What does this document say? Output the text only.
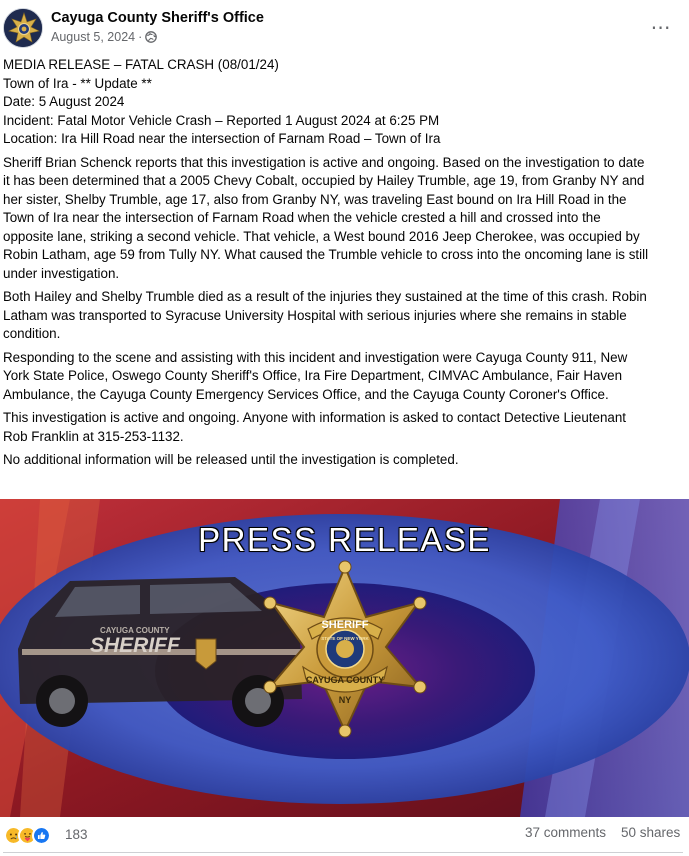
Cayuga County Sheriff's Office
August 5, 2024 ·	⋯
MEDIA RELEASE – FATAL CRASH (08/01/24)
Town of Ira - ** Update **
Date: 5 August 2024
Incident: Fatal Motor Vehicle Crash – Reported 1 August 2024 at 6:25 PM
Location: Ira Hill Road near the intersection of Farnam Road – Town of Ira
Sheriff Brian Schenck reports that this investigation is active and ongoing. Based on the investigation to date
it has been determined that a 2005 Chevy Cobalt, occupied by Hailey Trumble, age 19, from Granby NY and
her sister, Shelby Trumble, age 17, also from Granby NY, was traveling East bound on Ira Hill Road in the
Town of Ira near the intersection of Farnam Road when the vehicle crested a hill and crossed into the
opposite lane, striking a second vehicle. That vehicle, a West bound 2016 Jeep Cherokee, was occupied by
Robin Latham, age 59 from Tully NY. What caused the Trumble vehicle to cross into the oncoming lane is still
under investigation.
Both Hailey and Shelby Trumble died as a result of the injuries they sustained at the time of this crash. Robin
Latham was transported to Syracuse University Hospital with serious injuries where she remains in stable
condition.
Responding to the scene and assisting with this incident and investigation were Cayuga County 911, New
York State Police, Oswego County Sheriff's Office, Ira Fire Department, CIMVAC Ambulance, Fair Haven
Ambulance, the Cayuga County Emergency Services Office, and the Cayuga County Coroner's Office.
This investigation is active and ongoing. Anyone with information is asked to contact Detective Lieutenant
Rob Franklin at 315-253-1132.
No additional information will be released until the investigation is completed.
SHERIFF
CAYUGA COUNTY	SHERIFF
STATE OF NEW YORK
CAYUGA COUNTY
NY
PRESS RELEASE
183	37 comments 50 shares
